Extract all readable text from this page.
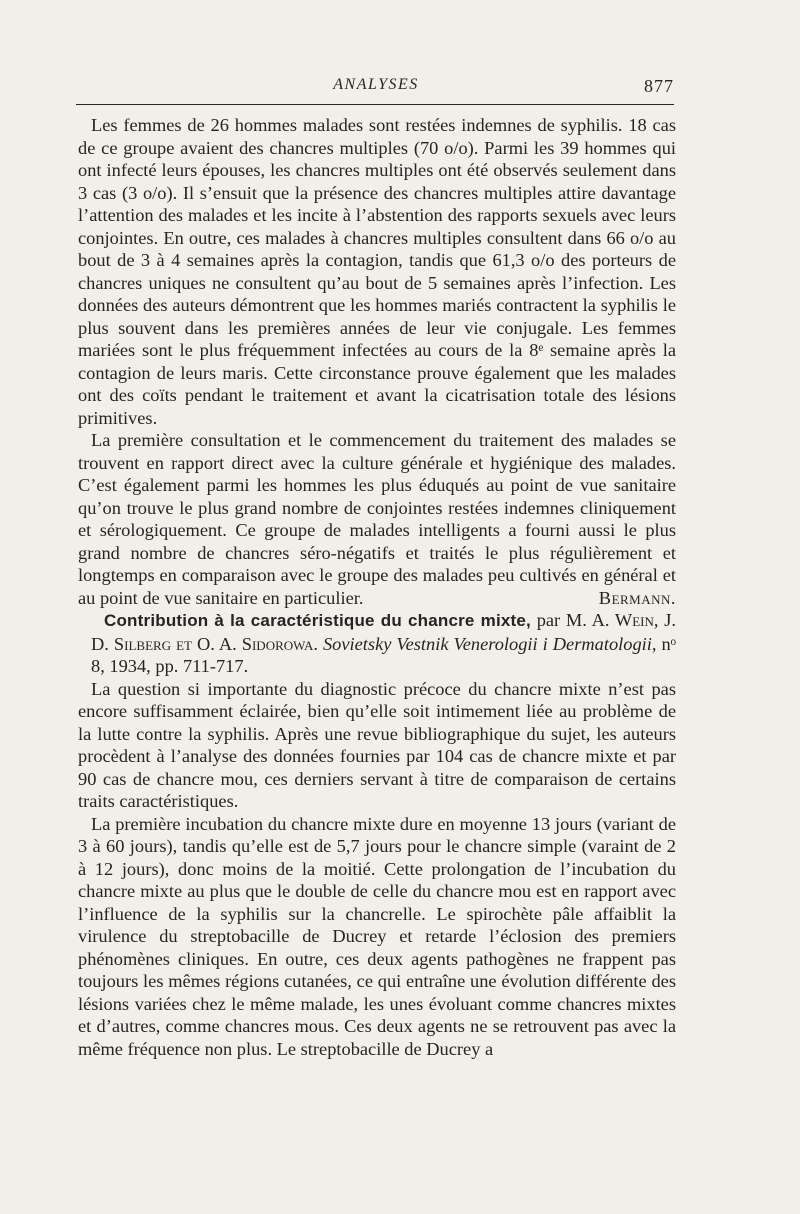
ANALYSES	877

Les femmes de 26 hommes malades sont restées indemnes de syphilis. 18 cas de ce groupe avaient des chancres multiples (70 o/o). Parmi les 39 hommes qui ont infecté leurs épouses, les chancres multiples ont été observés seulement dans 3 cas (3 o/o). Il s’ensuit que la présence des chancres multiples attire davantage l’attention des malades et les incite à l’abstention des rapports sexuels avec leurs conjointes. En outre, ces malades à chancres multiples consultent dans 66 o/o au bout de 3 à 4 semaines après la contagion, tandis que 61,3 o/o des porteurs de chancres uniques ne consultent qu’au bout de 5 semaines après l’infection. Les données des auteurs démontrent que les hommes mariés contractent la syphilis le plus souvent dans les premières années de leur vie conjugale. Les femmes mariées sont le plus fréquemment infectées au cours de la 8ᵉ semaine après la contagion de leurs maris. Cette circonstance prouve également que les malades ont des coïts pendant le traitement et avant la cicatrisation totale des lésions primitives.

La première consultation et le commencement du traitement des malades se trouvent en rapport direct avec la culture générale et hygiénique des malades. C’est également parmi les hommes les plus éduqués au point de vue sanitaire qu’on trouve le plus grand nombre de conjointes restées indemnes cliniquement et sérologiquement. Ce groupe de malades intelligents a fourni aussi le plus grand nombre de chancres séro-négatifs et traités le plus régulièrement et longtemps en comparaison avec le groupe des malades peu cultivés en général et au point de vue sanitaire en particulier.	Bermann.

Contribution à la caractéristique du chancre mixte, par M. A. Wein, J. D. Silberg et O. A. Sidorowa. Sovietsky Vestnik Venerologii i Dermatologii, nᵒ 8, 1934, pp. 711-717.

La question si importante du diagnostic précoce du chancre mixte n’est pas encore suffisamment éclairée, bien qu’elle soit intimement liée au problème de la lutte contre la syphilis. Après une revue bibliographique du sujet, les auteurs procèdent à l’analyse des données fournies par 104 cas de chancre mixte et par 90 cas de chancre mou, ces derniers servant à titre de comparaison de certains traits caractéristiques.

La première incubation du chancre mixte dure en moyenne 13 jours (variant de 3 à 60 jours), tandis qu’elle est de 5,7 jours pour le chancre simple (varaint de 2 à 12 jours), donc moins de la moitié. Cette prolongation de l’incubation du chancre mixte au plus que le double de celle du chancre mou est en rapport avec l’influence de la syphilis sur la chancrelle. Le spirochète pâle affaiblit la virulence du streptobacille de Ducrey et retarde l’éclosion des premiers phénomènes cliniques. En outre, ces deux agents pathogènes ne frappent pas toujours les mêmes régions cutanées, ce qui entraîne une évolution différente des lésions variées chez le même malade, les unes évoluant comme chancres mixtes et d’autres, comme chancres mous. Ces deux agents ne se retrouvent pas avec la même fréquence non plus. Le streptobacille de Ducrey a
